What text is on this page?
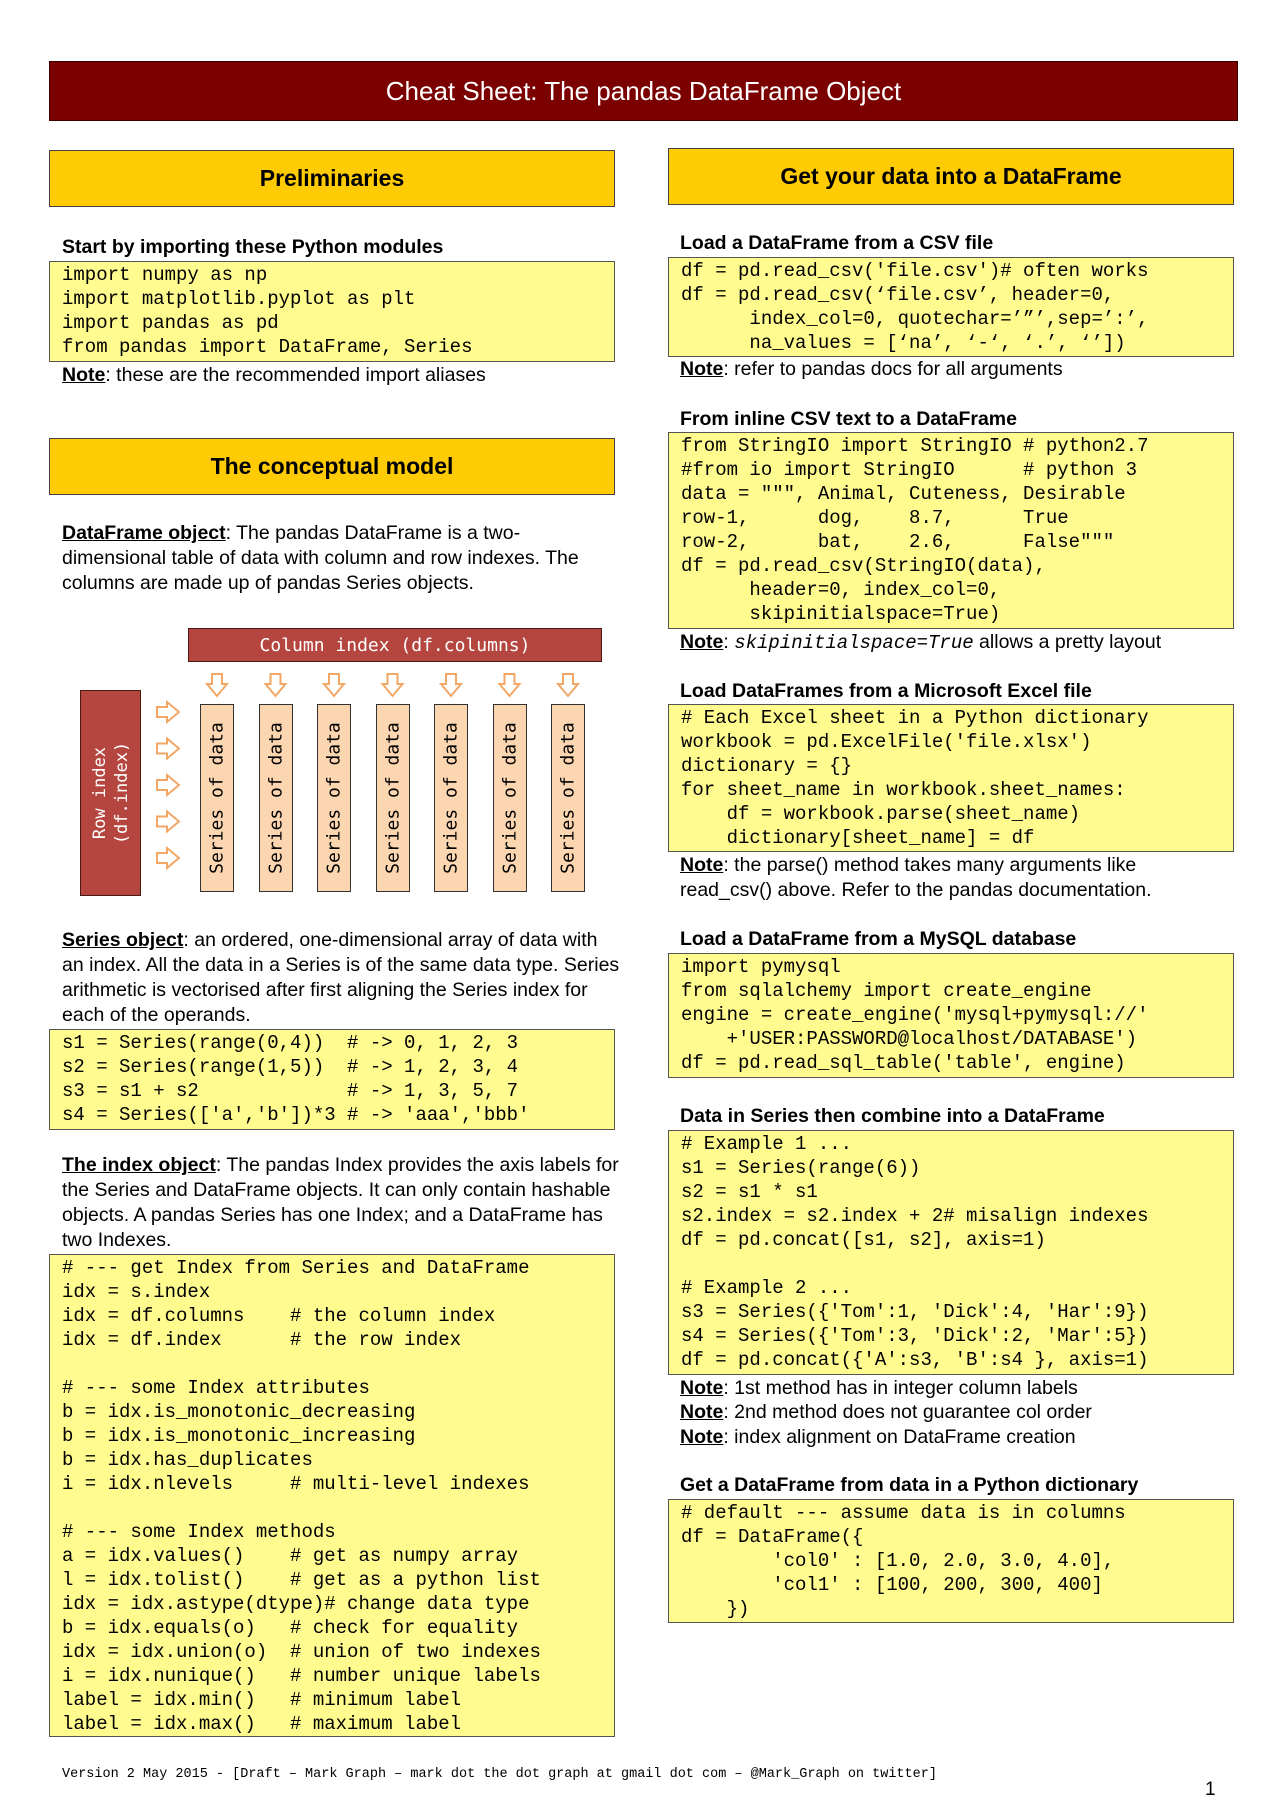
Cheat Sheet: The pandas DataFrame Object
Preliminaries
Start by importing these Python modules
import numpy as np
import matplotlib.pyplot as plt
import pandas as pd
from pandas import DataFrame, Series
Note: these are the recommended import aliases
The conceptual model
DataFrame object: The pandas DataFrame is a two-dimensional table of data with column and row indexes. The columns are made up of pandas Series objects.
Column index (df.columns)
Row index (df.index)	Series of data Series of data Series of data Series of data Series of data Series of data Series of data
Series object: an ordered, one-dimensional array of data with an index. All the data in a Series is of the same data type. Series arithmetic is vectorised after first aligning the Series index for each of the operands.
s1 = Series(range(0,4))  # -> 0, 1, 2, 3
s2 = Series(range(1,5))  # -> 1, 2, 3, 4
s3 = s1 + s2             # -> 1, 3, 5, 7
s4 = Series(['a','b'])*3 # -> 'aaa','bbb'
The index object: The pandas Index provides the axis labels for the Series and DataFrame objects. It can only contain hashable objects. A pandas Series has one Index; and a DataFrame has two Indexes.
# --- get Index from Series and DataFrame
idx = s.index
idx = df.columns    # the column index
idx = df.index      # the row index

# --- some Index attributes
b = idx.is_monotonic_decreasing
b = idx.is_monotonic_increasing
b = idx.has_duplicates
i = idx.nlevels     # multi-level indexes

# --- some Index methods
a = idx.values()    # get as numpy array
l = idx.tolist()    # get as a python list
idx = idx.astype(dtype)# change data type
b = idx.equals(o)   # check for equality
idx = idx.union(o)  # union of two indexes
i = idx.nunique()   # number unique labels
label = idx.min()   # minimum label
label = idx.max()   # maximum label
Get your data into a DataFrame
Load a DataFrame from a CSV file
df = pd.read_csv('file.csv')# often works
df = pd.read_csv(‘file.csv’, header=0,
index_col=0, quotechar=’”’,sep=’:’,
na_values = [‘na’, ‘-‘, ‘.’, ‘’])
Note: refer to pandas docs for all arguments
From inline CSV text to a DataFrame
from StringIO import StringIO # python2.7
#from io import StringIO      # python 3
data = """, Animal, Cuteness, Desirable
row-1,      dog,    8.7,      True
row-2,      bat,    2.6,      False"""
df = pd.read_csv(StringIO(data),
header=0, index_col=0,
skipinitialspace=True)
Note: skipinitialspace=True allows a pretty layout
Load DataFrames from a Microsoft Excel file
# Each Excel sheet in a Python dictionary
workbook = pd.ExcelFile('file.xlsx')
dictionary = {}
for sheet_name in workbook.sheet_names:
df = workbook.parse(sheet_name)
dictionary[sheet_name] = df
Note: the parse() method takes many arguments like
read_csv() above. Refer to the pandas documentation.
Load a DataFrame from a MySQL database
import pymysql
from sqlalchemy import create_engine
engine = create_engine('mysql+pymysql://'
+'USER:PASSWORD@localhost/DATABASE')
df = pd.read_sql_table('table', engine)
Data in Series then combine into a DataFrame
# Example 1 ...
s1 = Series(range(6))
s2 = s1 * s1
s2.index = s2.index + 2# misalign indexes
df = pd.concat([s1, s2], axis=1)

# Example 2 ...
s3 = Series({'Tom':1, 'Dick':4, 'Har':9})
s4 = Series({'Tom':3, 'Dick':2, 'Mar':5})
df = pd.concat({'A':s3, 'B':s4 }, axis=1)
Note: 1st method has in integer column labels
Note: 2nd method does not guarantee col order
Note: index alignment on DataFrame creation
Get a DataFrame from data in a Python dictionary
# default --- assume data is in columns
df = DataFrame({
'col0' : [1.0, 2.0, 3.0, 4.0],
'col1' : [100, 200, 300, 400]
})
Version 2 May 2015 - [Draft – Mark Graph – mark dot the dot graph at gmail dot com – @Mark_Graph on twitter]
1
